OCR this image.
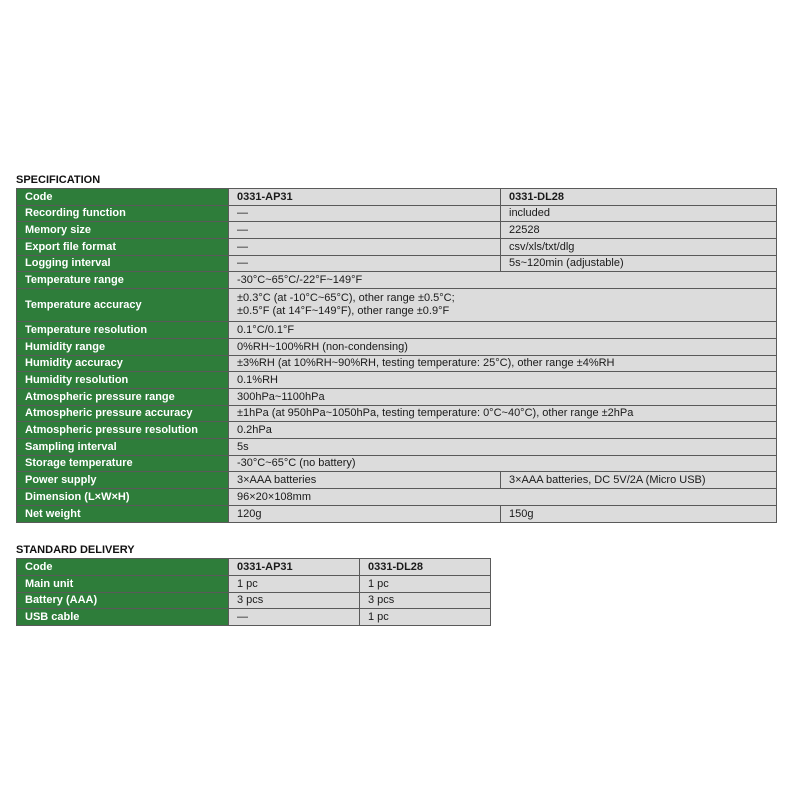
SPECIFICATION
Code	0331-AP31	0331-DL28
Recording function	—	included
Memory size	—	22528
Export file format	—	csv/xls/txt/dlg
Logging interval	—	5s~120min (adjustable)
Temperature range	-30°C~65°C/-22°F~149°F	
Temperature accuracy	±0.3°C (at -10°C~65°C), other range ±0.5°C;
±0.5°F (at 14°F~149°F), other range ±0.9°F	

Temperature resolution	0.1°C/0.1°F	
Humidity range	0%RH~100%RH (non-condensing)	
Humidity accuracy	±3%RH (at 10%RH~90%RH, testing temperature: 25°C), other range ±4%RH	
Humidity resolution	0.1%RH	
Atmospheric pressure range	300hPa~1100hPa	
Atmospheric pressure accuracy	±1hPa (at 950hPa~1050hPa, testing temperature: 0°C~40°C), other range ±2hPa	
Atmospheric pressure resolution	0.2hPa	
Sampling interval	5s	
Storage temperature	-30°C~65°C (no battery)	
Power supply	3×AAA batteries	3×AAA batteries, DC 5V/2A (Micro USB)
Dimension (L×W×H)	96×20×108mm	
Net weight	120g	150g
STANDARD DELIVERY
Code	0331-AP31	0331-DL28
Main unit	1 pc	1 pc
Battery (AAA)	3 pcs	3 pcs
USB cable	—	1 pc
